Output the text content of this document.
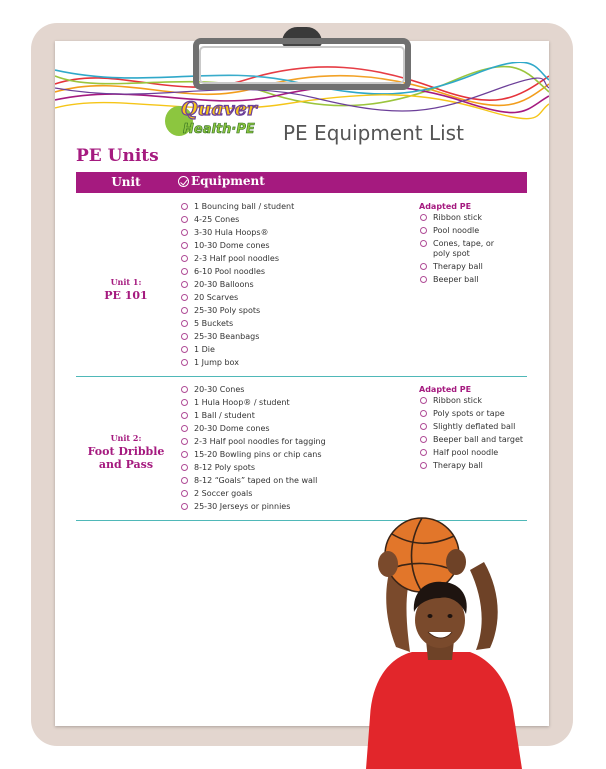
Quaver
Health·PE PE Equipment List
PE Units
Unit	Equipment
Unit 1:
PE 101
1 Bouncing ball / student
4-25 Cones
3-30 Hula Hoops®
10-30 Dome cones
2-3 Half pool noodles
6-10 Pool noodles
20-30 Balloons
20 Scarves
25-30 Poly spots
5 Buckets
25-30 Beanbags
1 Die
1 Jump box
Adapted PE
Ribbon stick
Pool noodle
Cones, tape, or
poly spot
Therapy ball
Beeper ball
Unit 2:
Foot Dribble
and Pass
20-30 Cones
1 Hula Hoop® / student
1 Ball / student
20-30 Dome cones
2-3 Half pool noodles for tagging
15-20 Bowling pins or chip cans
8-12 Poly spots
8-12 “Goals” taped on the wall
2 Soccer goals
25-30 Jerseys or pinnies
Adapted PE
Ribbon stick
Poly spots or tape
Slightly deflated ball
Beeper ball and target
Half pool noodle
Therapy ball
